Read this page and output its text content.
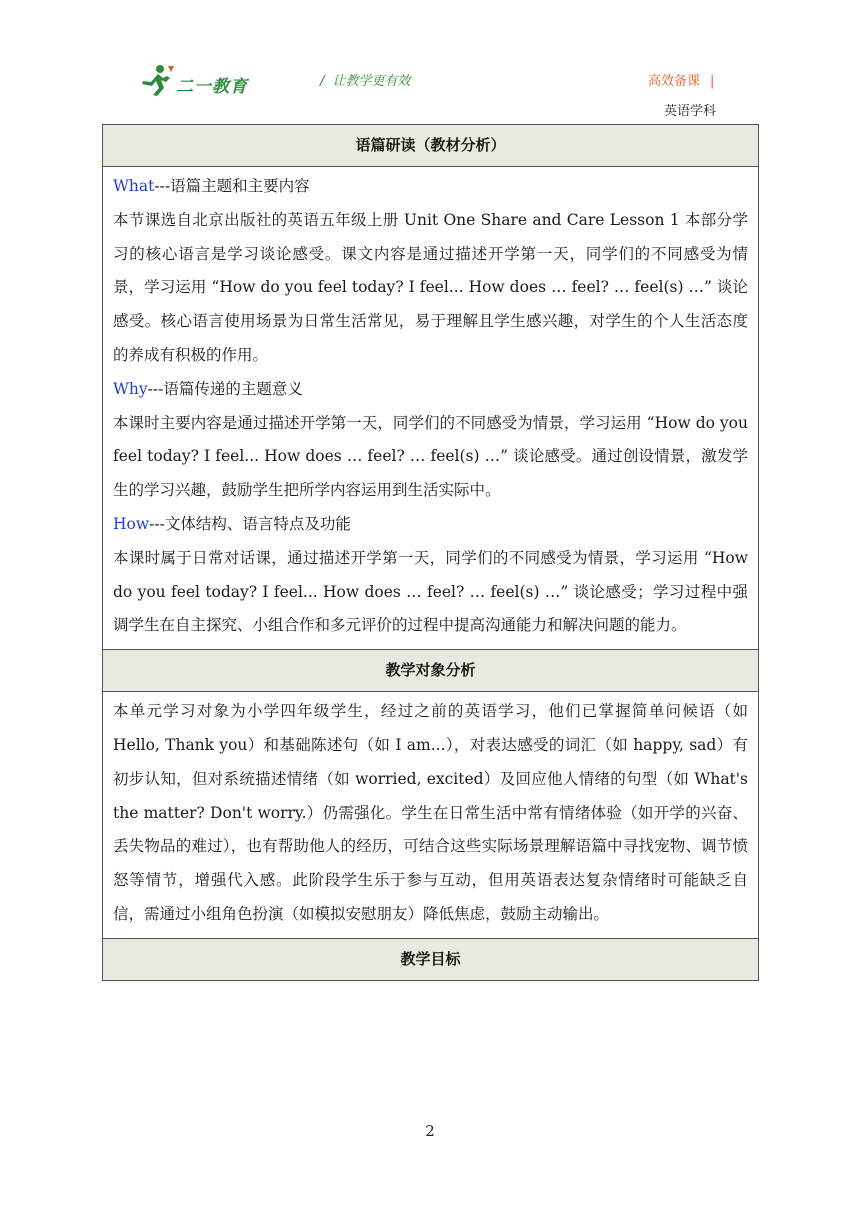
二一教育	/ 让教学更有效	高效备课 |
英语学科
语篇研读（教材分析）

What---语篇主题和主要内容

本节课选自北京出版社的英语五年级上册 Unit One Share and Care Lesson 1 本部分学习的核心语言是学习谈论感受。课文内容是通过描述开学第一天，同学们的不同感受为情景，学习运用 “How do you feel today? I feel... How does … feel? … feel(s) …” 谈论感受。核心语言使用场景为日常生活常见，易于理解且学生感兴趣，对学生的个人生活态度的养成有积极的作用。

Why---语篇传递的主题意义

本课时主要内容是通过描述开学第一天，同学们的不同感受为情景，学习运用 “How do you feel today? I feel... How does … feel? … feel(s) …” 谈论感受。通过创设情景，激发学生的学习兴趣，鼓励学生把所学内容运用到生活实际中。

How---文体结构、语言特点及功能

本课时属于日常对话课，通过描述开学第一天，同学们的不同感受为情景，学习运用 “How do you feel today? I feel... How does … feel? … feel(s) …” 谈论感受；学习过程中强调学生在自主探究、小组合作和多元评价的过程中提高沟通能力和解决问题的能力。

教学对象分析

本单元学习对象为小学四年级学生，经过之前的英语学习，他们已掌握简单问候语（如 Hello, Thank you）和基础陈述句（如 I am...），对表达感受的词汇（如 happy, sad）有初步认知，但对系统描述情绪（如 worried, excited）及回应他人情绪的句型（如 What's the matter? Don't worry.）仍需强化。学生在日常生活中常有情绪体验（如开学的兴奋、丢失物品的难过），也有帮助他人的经历，可结合这些实际场景理解语篇中寻找宠物、调节愤怒等情节，增强代入感。此阶段学生乐于参与互动，但用英语表达复杂情绪时可能缺乏自信，需通过小组角色扮演（如模拟安慰朋友）降低焦虑，鼓励主动输出。

教学目标
2
